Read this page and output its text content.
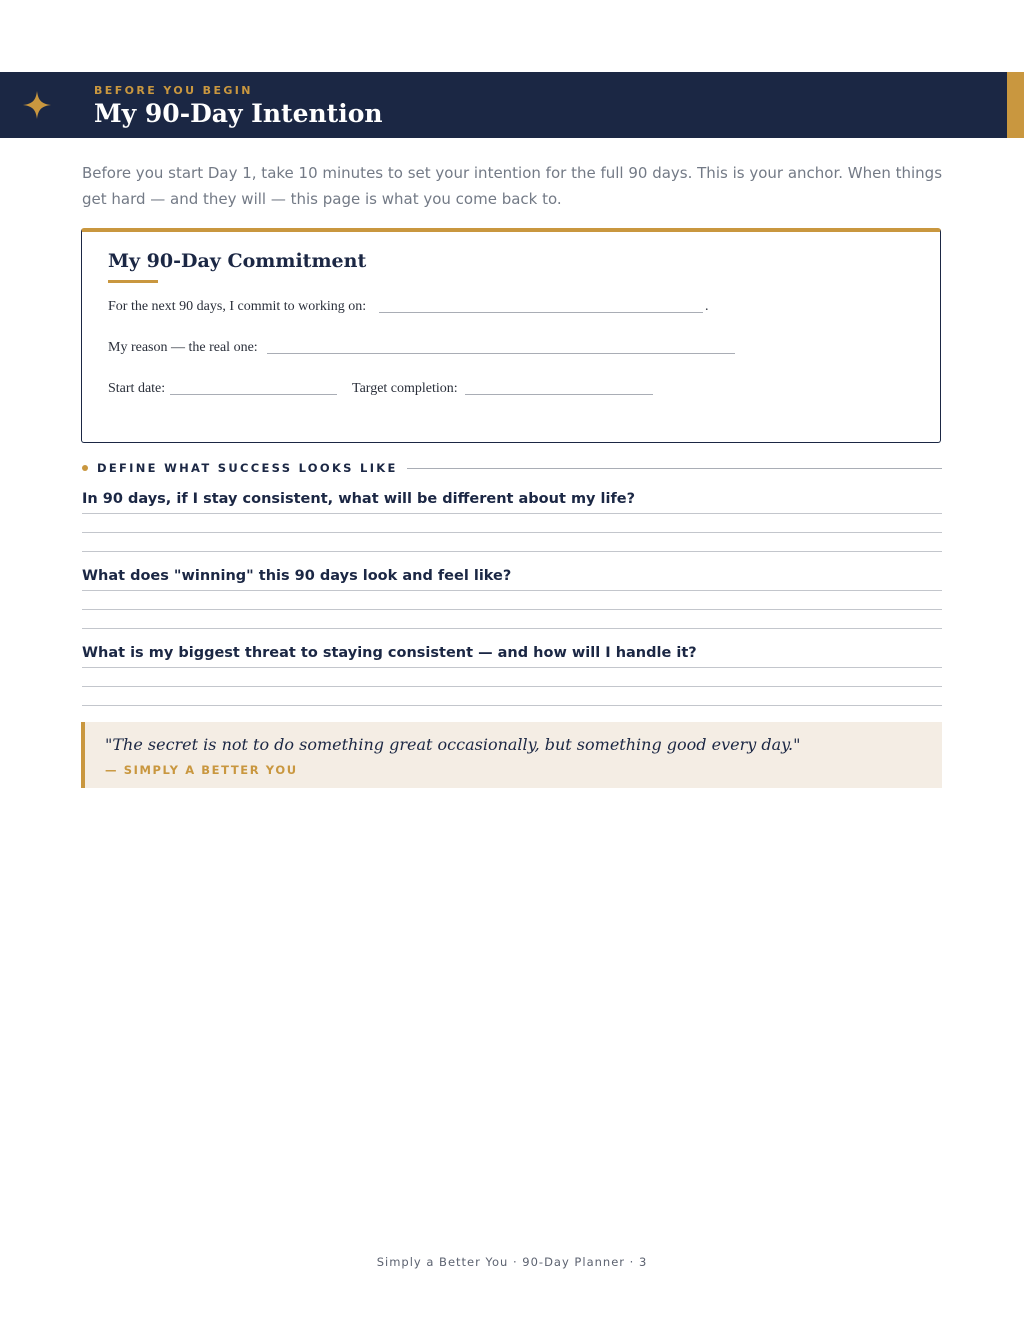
BEFORE YOU BEGIN
My 90-Day Intention

Before you start Day 1, take 10 minutes to set your intention for the full 90 days. This is your anchor. When things get hard — and they will — this page is what you come back to.

My 90-Day Commitment
For the next 90 days, I commit to working on:	.
My reason — the real one:
Start date:	Target completion:
DEFINE WHAT SUCCESS LOOKS LIKE
In 90 days, if I stay consistent, what will be different about my life?
What does "winning" this 90 days look and feel like?
What is my biggest threat to staying consistent — and how will I handle it?
"The secret is not to do something great occasionally, but something good every day."
— SIMPLY A BETTER YOU
Simply a Better You · 90-Day Planner · 3
